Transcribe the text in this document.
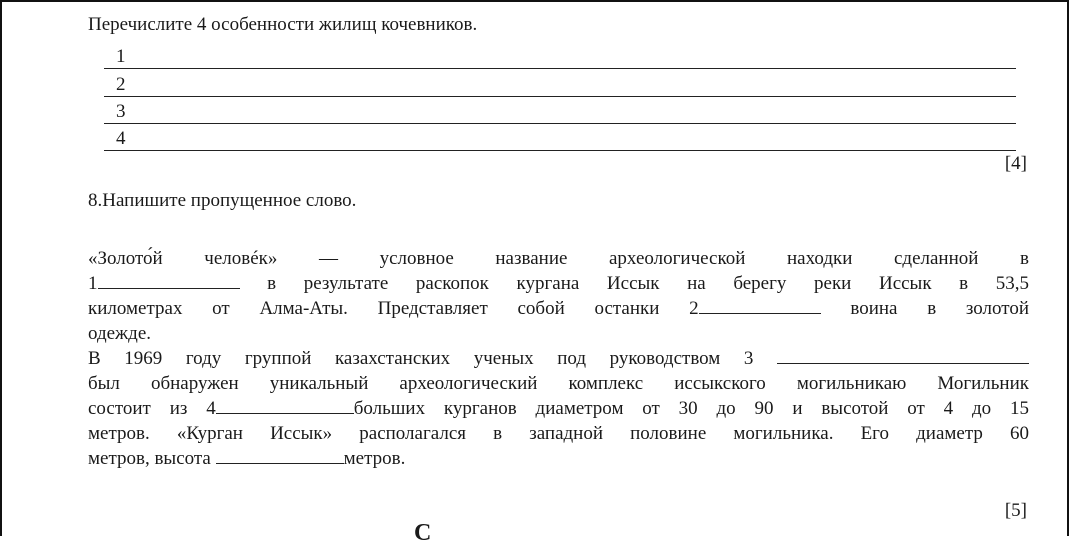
Перечислите 4 особенности жилищ кочевников.
1
2
3
4
[4]
8.Напишите пропущенное слово.
«Золото́й человéк» — условное название археологической находки сделанной в
1	в результате раскопок кургана Иссык на берегу реки Иссык в 53,5
километрах от Алма-Аты. Представляет собой останки 2	воина в золотой
одежде.
В 1969 году группой казахстанских ученых под руководством 3
был обнаружен уникальный археологический комплекс иссыкского могильникаю Могильник
состоит из 4	больших курганов диаметром от 30 до 90 и высотой от 4 до 15
метров. «Курган Иссык» располагался в западной половине могильника. Его диаметр 60
метров, высота	метров.
[5]
С
